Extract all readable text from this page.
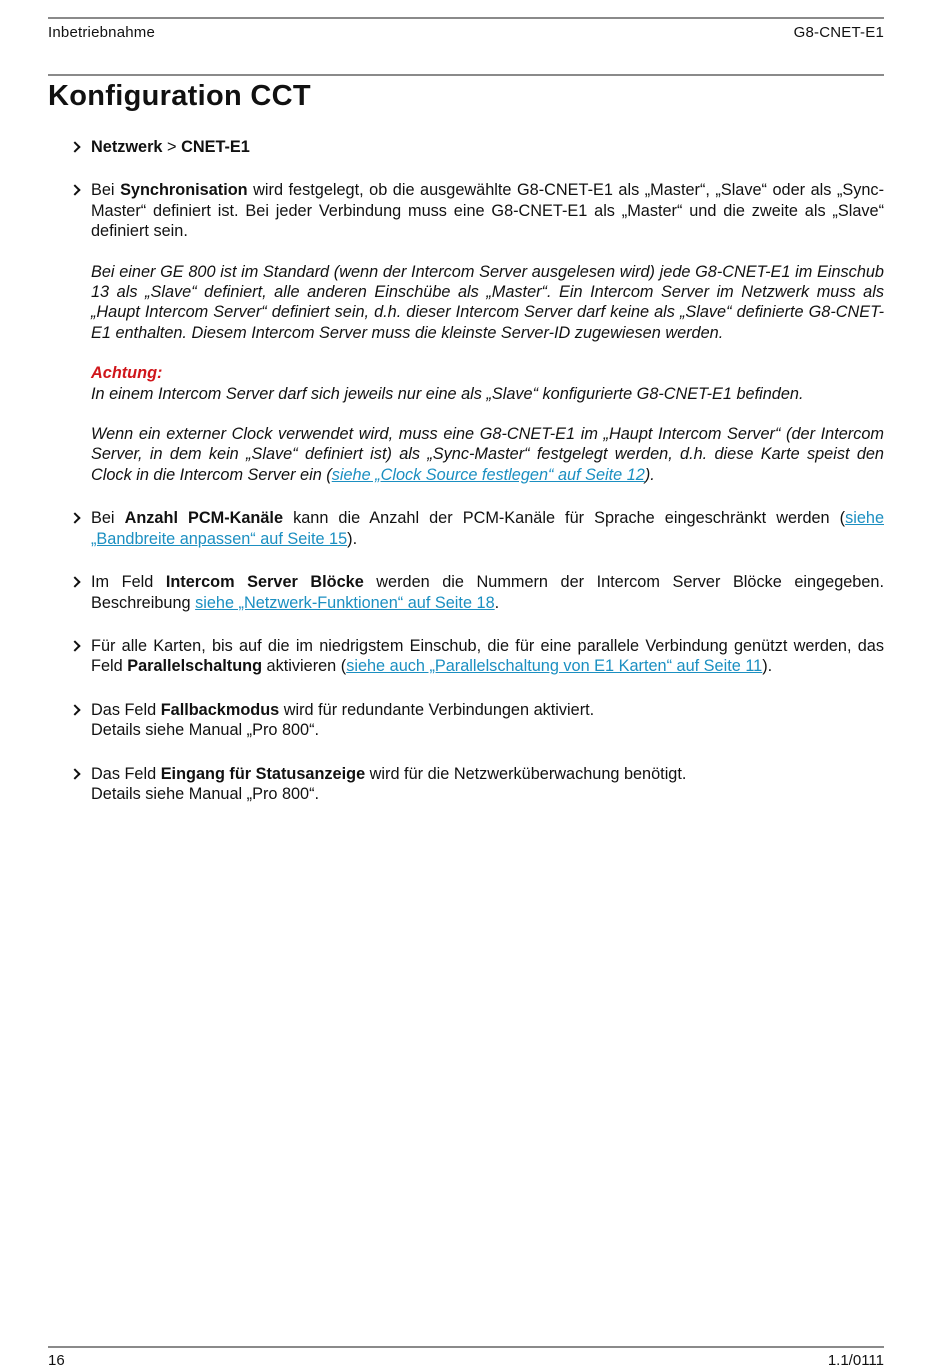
Inbetriebnahme	G8-CNET-E1
Konfiguration CCT
Netzwerk > CNET-E1
Bei Synchronisation wird festgelegt, ob die ausgewählte G8-CNET-E1 als „Master“, „Slave“ oder als „Sync-Master“ definiert ist. Bei jeder Verbindung muss eine G8-CNET-E1 als „Master“ und die zweite als „Slave“ definiert sein.

Bei einer GE 800 ist im Standard (wenn der Intercom Server ausgelesen wird) jede G8-CNET-E1 im Einschub 13 als „Slave“ definiert, alle anderen Einschübe als „Master“. Ein Intercom Server im Netzwerk muss als „Haupt Intercom Server“ definiert sein, d.h. dieser Intercom Server darf keine als „Slave“ definierte G8-CNET-E1 enthalten. Diesem Intercom Server muss die kleinste Server-ID zugewiesen werden.

Achtung:

In einem Intercom Server darf sich jeweils nur eine als „Slave“ konfigurierte G8-CNET-E1 befinden.

Wenn ein externer Clock verwendet wird, muss eine G8-CNET-E1 im „Haupt Intercom Server“ (der Intercom Server, in dem kein „Slave“ definiert ist) als „Sync-Master“ festgelegt werden, d.h. diese Karte speist den Clock in die Intercom Server ein (siehe „Clock Source festlegen“ auf Seite 12).

Bei Anzahl PCM-Kanäle kann die Anzahl der PCM-Kanäle für Sprache eingeschränkt werden (siehe „Bandbreite anpassen“ auf Seite 15).
Im Feld Intercom Server Blöcke werden die Nummern der Intercom Server Blöcke eingegeben. Beschreibung siehe „Netzwerk-Funktionen“ auf Seite 18.
Für alle Karten, bis auf die im niedrigstem Einschub, die für eine parallele Verbindung genützt werden, das Feld Parallelschaltung aktivieren (siehe auch „Parallelschaltung von E1 Karten“ auf Seite 11).
Das Feld Fallbackmodus wird für redundante Verbindungen aktiviert.
Details siehe Manual „Pro 800“.
Das Feld Eingang für Statusanzeige wird für die Netzwerküberwachung benötigt.
Details siehe Manual „Pro 800“.
16	1.1/0111
